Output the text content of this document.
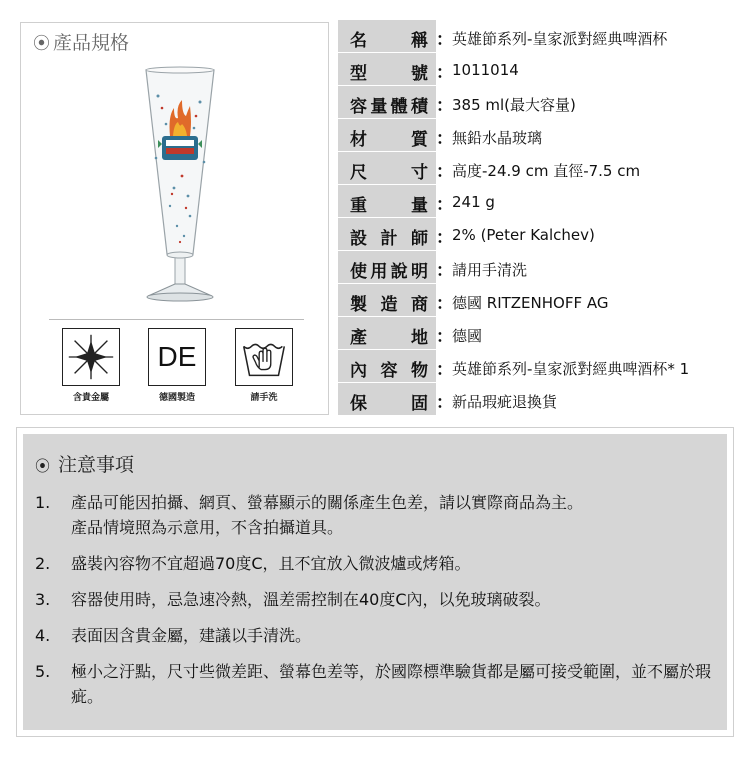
⦿ 產品規格
含貴金屬
DE
德國製造	請手洗
名	稱 ： 英雄節系列-皇家派對經典啤酒杯
型	號 ： 1011014
容 量 體 積 ： 385 ml(最大容量)
材	質 ： 無鉛水晶玻璃
尺	寸 ： 高度-24.9 cm 直徑-7.5 cm
重	量 ： 241 g
設 計 師 ： 2% (Peter Kalchev)
使 用 說 明 ： 請用手清洗
製 造 商 ： 德國 RITZENHOFF AG
產	地 ： 德國
內 容 物 ： 英雄節系列-皇家派對經典啤酒杯* 1
保	固 ： 新品瑕疵退換貨
⦿ 注意事項
1. 產品可能因拍攝、網頁、螢幕顯示的關係產生色差，請以實際商品為主。
產品情境照為示意用，不含拍攝道具。
2. 盛裝內容物不宜超過70度C，且不宜放入微波爐或烤箱。
3. 容器使用時，忌急速冷熱，溫差需控制在40度C內，以免玻璃破裂。
4. 表面因含貴金屬，建議以手清洗。
5. 極小之汙點，尺寸些微差距、螢幕色差等，於國際標準驗貨都是屬可接受範圍，並不屬於瑕疵。
